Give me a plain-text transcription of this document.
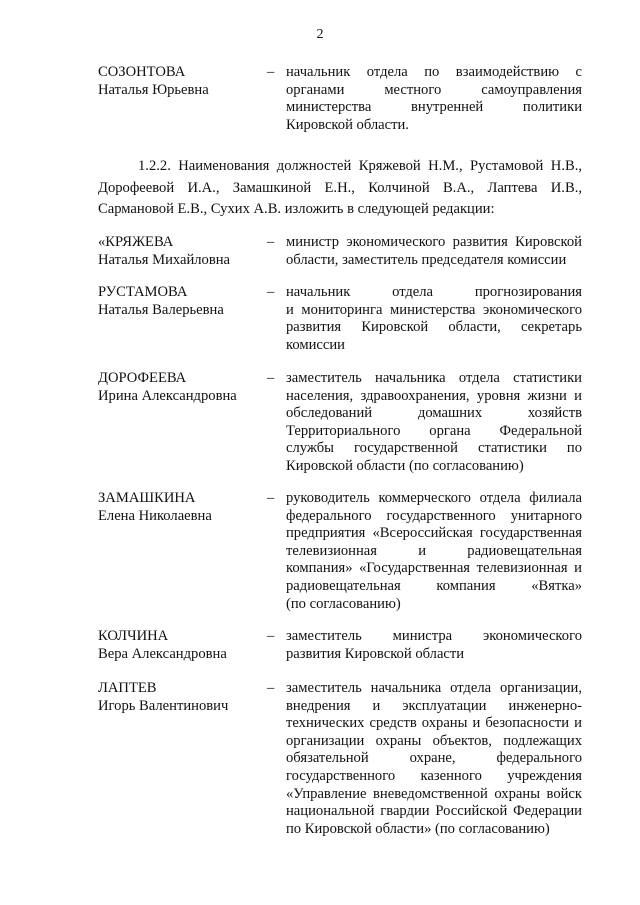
2
СОЗОНТОВА
Наталья Юрьевна
– начальник отдела по взаимодействию с
органами местного самоуправления
министерства внутренней политики
Кировской области.
1.2.2. Наименования должностей Кряжевой Н.М., Рустамовой Н.В.,
Дорофеевой И.А., Замашкиной Е.Н., Колчиной В.А., Лаптева И.В.,
Сармановой Е.В., Сухих А.В. изложить в следующей редакции:
«КРЯЖЕВА
Наталья Михайловна
– министр экономического развития Кировской
области, заместитель председателя комиссии
РУСТАМОВА
Наталья Валерьевна
– начальник отдела прогнозирования
и мониторинга министерства экономического
развития Кировской области, секретарь
комиссии
ДОРОФЕЕВА
Ирина Александровна
– заместитель начальника отдела статистики
населения, здравоохранения, уровня жизни и
обследований домашних хозяйств
Территориального органа Федеральной
службы государственной статистики по
Кировской области (по согласованию)
ЗАМАШКИНА
Елена Николаевна
– руководитель коммерческого отдела филиала
федерального государственного унитарного
предприятия «Всероссийская государственная
телевизионная и радиовещательная
компания» «Государственная телевизионная и
радиовещательная компания «Вятка»
(по согласованию)
КОЛЧИНА
Вера Александровна
– заместитель министра экономического
развития Кировской области
ЛАПТЕВ
Игорь Валентинович
– заместитель начальника отдела организации,
внедрения и эксплуатации инженерно-
технических средств охраны и безопасности и
организации охраны объектов, подлежащих
обязательной охране, федерального
государственного казенного учреждения
«Управление вневедомственной охраны войск
национальной гвардии Российской Федерации
по Кировской области» (по согласованию)
